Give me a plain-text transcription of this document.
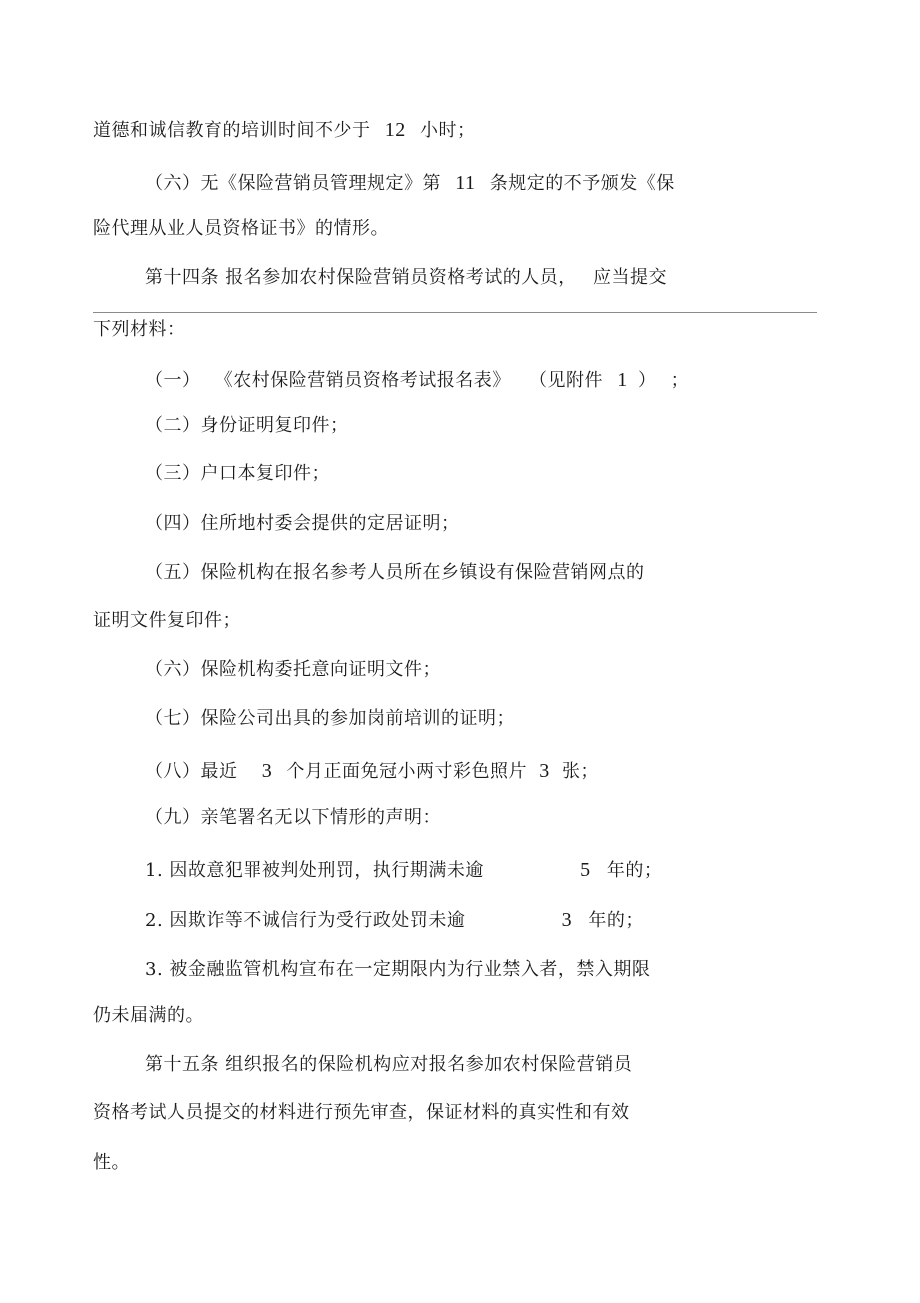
道德和诚信教育的培训时间不少于 12 小时；
（六）无《保险营销员管理规定》第 11 条规定的不予颁发《保
险代理从业人员资格证书》的情形。
第十四条 报名参加农村保险营销员资格考试的人员， 应当提交
下列材料：
（一） 《农村保险营销员资格考试报名表》 （见附件 1 ） ；
（二）身份证明复印件；
（三）户口本复印件；
（四）住所地村委会提供的定居证明；
（五）保险机构在报名参考人员所在乡镇设有保险营销网点的
证明文件复印件；
（六）保险机构委托意向证明文件；
（七）保险公司出具的参加岗前培训的证明；
（八）最近 3 个月正面免冠小两寸彩色照片 3 张；
（九）亲笔署名无以下情形的声明：
1. 因故意犯罪被判处刑罚，执行期满未逾	5 年的；
2. 因欺诈等不诚信行为受行政处罚未逾	3 年的；
3. 被金融监管机构宣布在一定期限内为行业禁入者，禁入期限
仍未届满的。
第十五条 组织报名的保险机构应对报名参加农村保险营销员
资格考试人员提交的材料进行预先审查，保证材料的真实性和有效
性。
